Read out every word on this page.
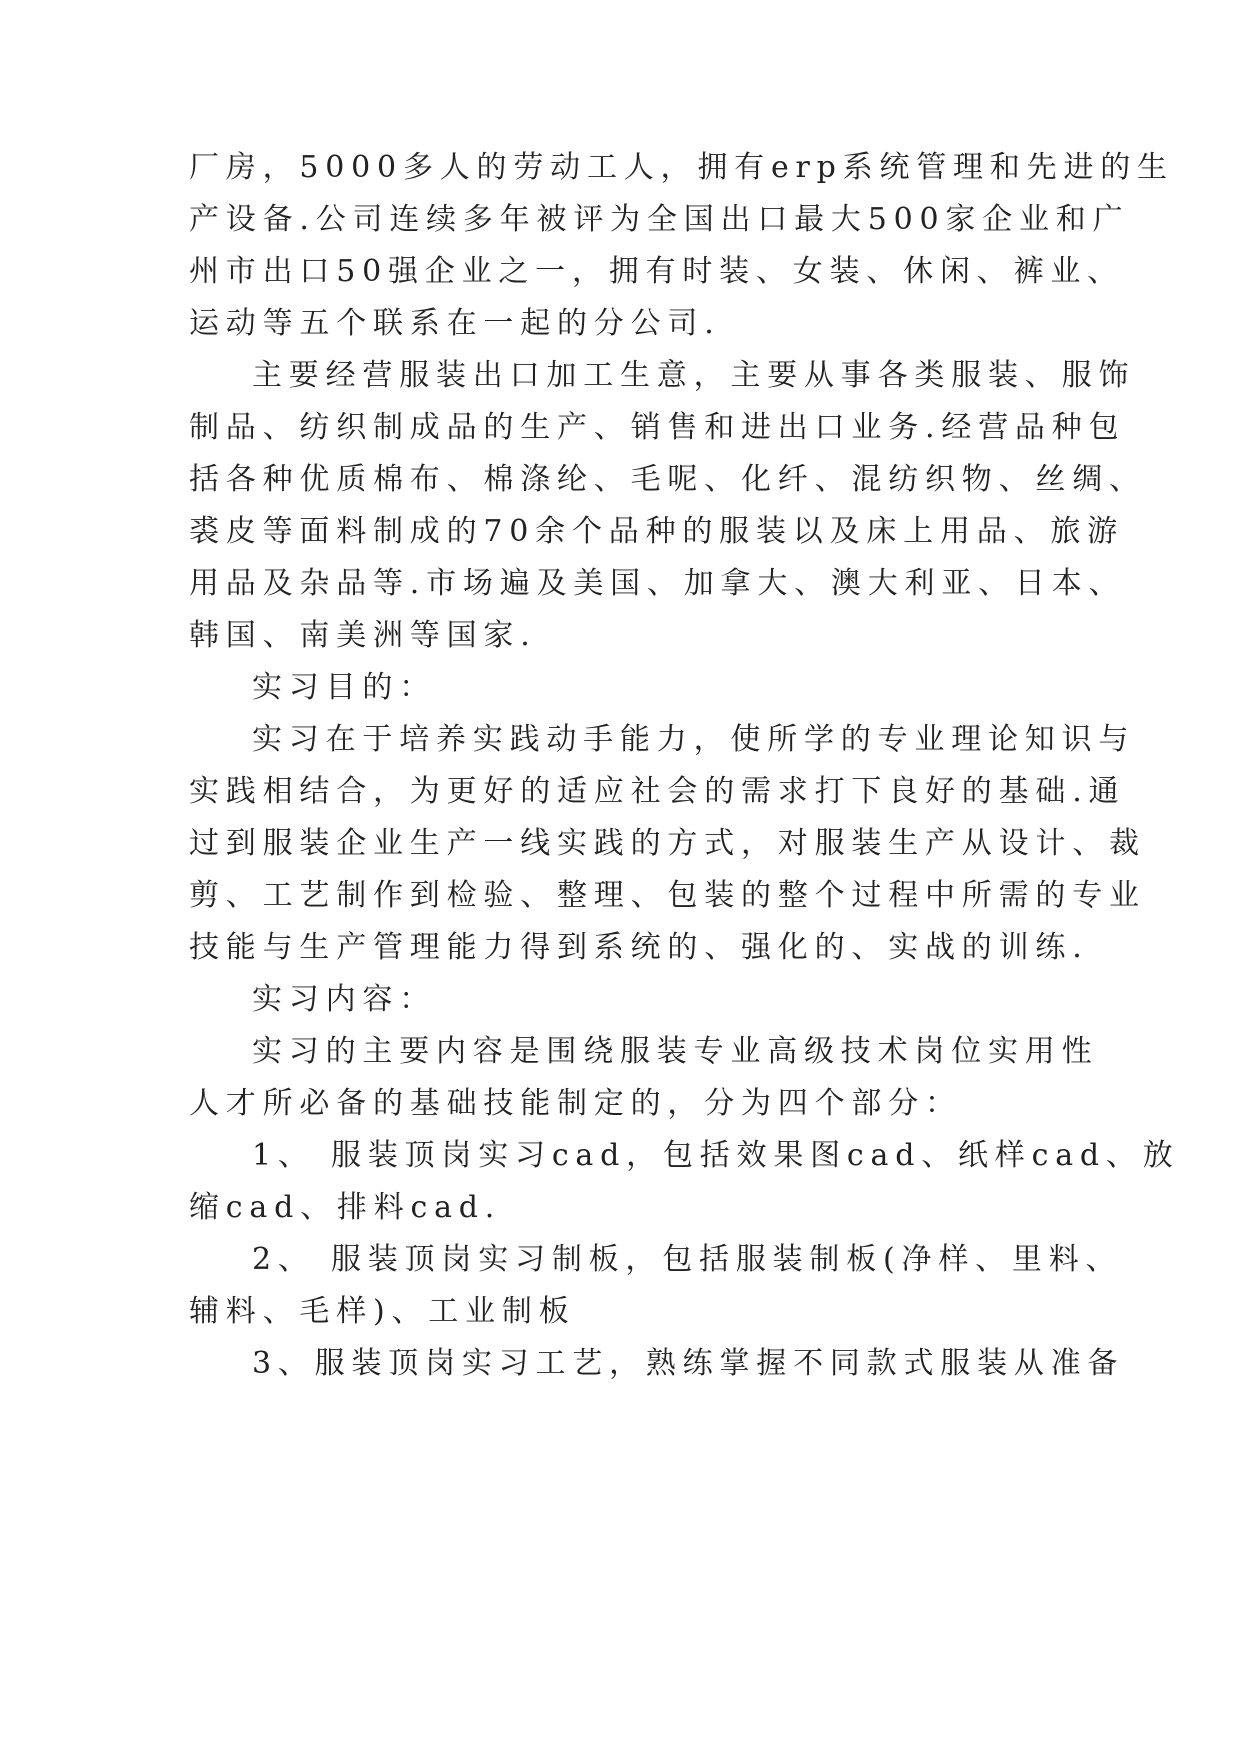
厂房，5000多人的劳动工人，拥有erp系统管理和先进的生
产设备.公司连续多年被评为全国出口最大500家企业和广
州市出口50强企业之一，拥有时装、女装、休闲、裤业、
运动等五个联系在一起的分公司.
主要经营服装出口加工生意，主要从事各类服装、服饰
制品、纺织制成品的生产、销售和进出口业务.经营品种包
括各种优质棉布、棉涤纶、毛呢、化纤、混纺织物、丝绸、
裘皮等面料制成的70余个品种的服装以及床上用品、旅游
用品及杂品等.市场遍及美国、加拿大、澳大利亚、日本、
韩国、南美洲等国家.
实习目的：
实习在于培养实践动手能力，使所学的专业理论知识与
实践相结合，为更好的适应社会的需求打下良好的基础.通
过到服装企业生产一线实践的方式，对服装生产从设计、裁
剪、工艺制作到检验、整理、包装的整个过程中所需的专业
技能与生产管理能力得到系统的、强化的、实战的训练.
实习内容：
实习的主要内容是围绕服装专业高级技术岗位实用性
人才所必备的基础技能制定的，分为四个部分：
1、 服装顶岗实习cad，包括效果图cad、纸样cad、放
缩cad、排料cad.
2、 服装顶岗实习制板，包括服装制板(净样、里料、
辅料、毛样)、工业制板
3、服装顶岗实习工艺，熟练掌握不同款式服装从准备
